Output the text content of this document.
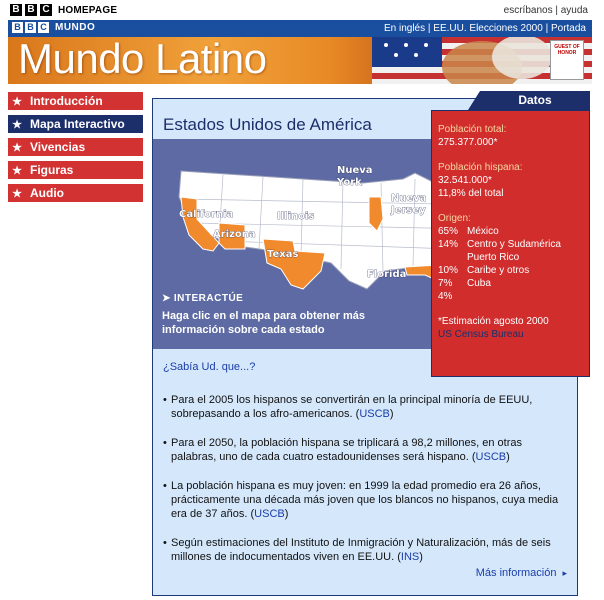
B B C HOMEPAGE	escríbanos | ayuda
B B C MUNDO	En inglés | EE.UU. Elecciones 2000 | Portada
Mundo Latino	GUEST OF HONOR
★ Introducción
★ Mapa Interactivo
★ Vivencias
★ Figuras
★ Audio
Estados Unidos de América
California
Arizona
Texas
Illinois
Nueva York
Nueva Jersey
Florida
➤ INTERACTÚE
Haga clic en el mapa para obtener más información sobre cada estado
¿Sabía Ud. que...?
• Para el 2005 los hispanos se convertirán en la principal minoría de EEUU, sobrepasando a los afro-americanos. (USCB)
• Para el 2050, la población hispana se triplicará a 98,2 millones, en otras palabras, uno de cada cuatro estadounidenses será hispano. (USCB)
• La población hispana es muy joven: en 1999 la edad promedio era 26 años, prácticamente una década más joven que los blancos no hispanos, cuya media era de 37 años. (USCB)
• Según estimaciones del Instituto de Inmigración y Naturalización, más de seis millones de indocumentados viven en EE.UU. (INS)
Más información ▸
Datos
Población total:
275.377.000*
Población hispana:
32.541.000*
11,8% del total
Origen:
65% México
14% Centro y Sudamérica
Puerto Rico
10% Caribe y otros
7%	Cuba
4%
*Estimación agosto 2000
US Census Bureau
